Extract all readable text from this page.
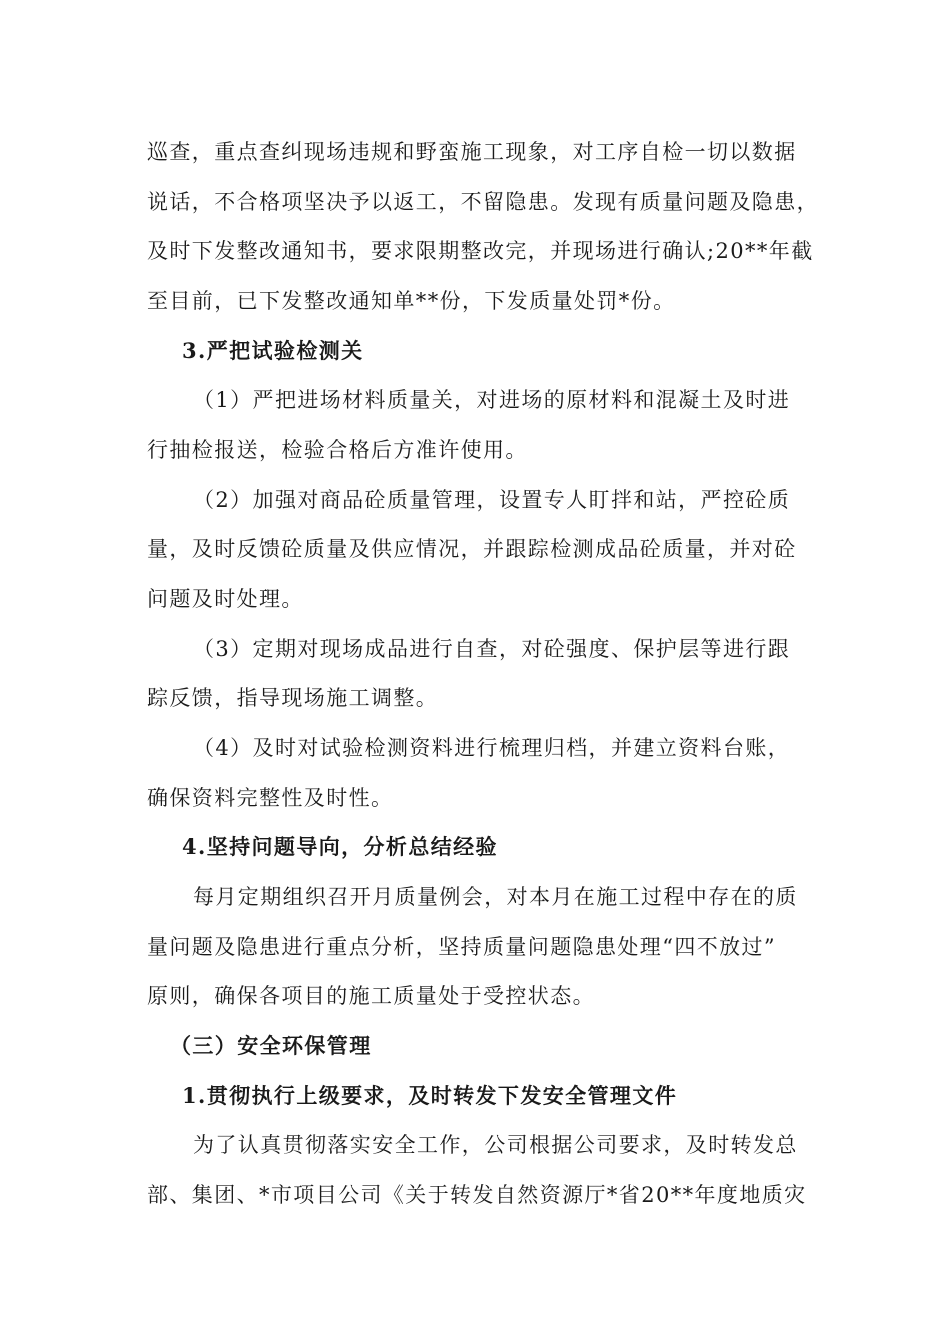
巡查，重点查纠现场违规和野蛮施工现象，对工序自检一切以数据
说话，不合格项坚决予以返工，不留隐患。发现有质量问题及隐患，
及时下发整改通知书，要求限期整改完，并现场进行确认;20**年截
至目前，已下发整改通知单**份，下发质量处罚*份。
3.严把试验检测关
（1）严把进场材料质量关，对进场的原材料和混凝土及时进
行抽检报送，检验合格后方准许使用。
（2）加强对商品砼质量管理，设置专人盯拌和站，严控砼质
量，及时反馈砼质量及供应情况，并跟踪检测成品砼质量，并对砼
问题及时处理。
（3）定期对现场成品进行自查，对砼强度、保护层等进行跟
踪反馈，指导现场施工调整。
（4）及时对试验检测资料进行梳理归档，并建立资料台账，
确保资料完整性及时性。
4.坚持问题导向，分析总结经验
每月定期组织召开月质量例会，对本月在施工过程中存在的质
量问题及隐患进行重点分析，坚持质量问题隐患处理“四不放过”
原则，确保各项目的施工质量处于受控状态。
（三）安全环保管理
1.贯彻执行上级要求，及时转发下发安全管理文件
为了认真贯彻落实安全工作，公司根据公司要求，及时转发总
部、集团、*市项目公司《关于转发自然资源厅*省20**年度地质灾
